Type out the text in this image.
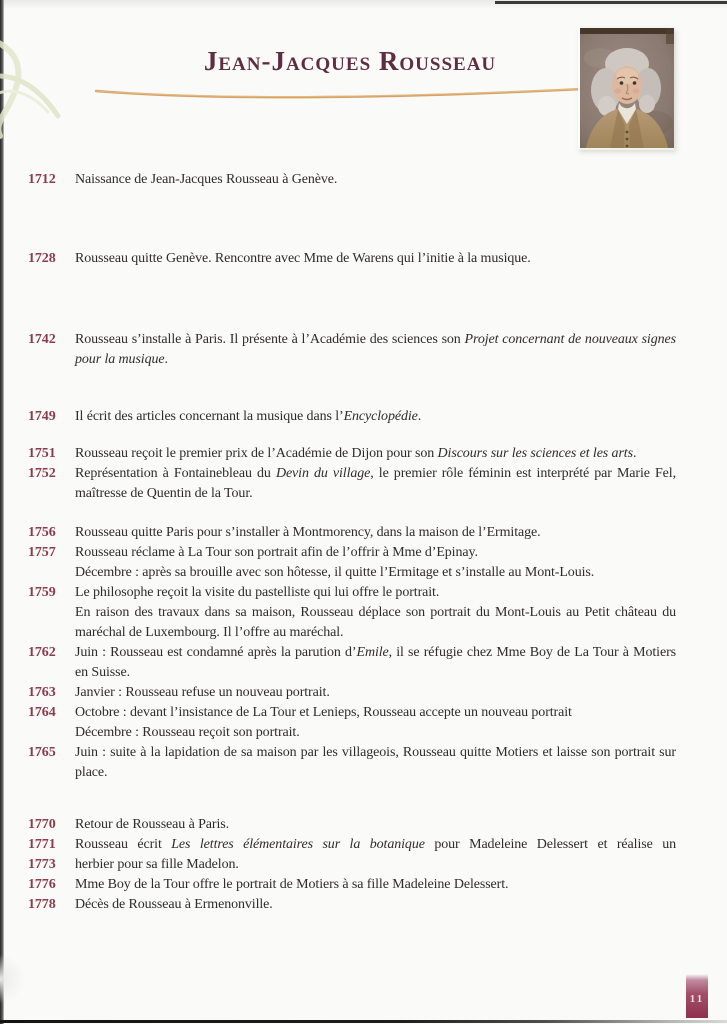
Jean-Jacques Rousseau
1712	Naissance de Jean-Jacques Rousseau à Genève.

1728	Rousseau quitte Genève. Rencontre avec Mme de Warens qui l’initie à la musique.

1742	Rousseau s’installe à Paris. Il présente à l’Académie des sciences son Projet concernant de nouveaux signes pour la musique.

1749	Il écrit des articles concernant la musique dans l’Encyclopédie.

1751	Rousseau reçoit le premier prix de l’Académie de Dijon pour son Discours sur les sciences et les arts.

1752	Représentation à Fontainebleau du Devin du village, le premier rôle féminin est interprété par Marie Fel, maîtresse de Quentin de la Tour.

1756	Rousseau quitte Paris pour s’installer à Montmorency, dans la maison de l’Ermitage.

1757	Rousseau réclame à La Tour son portrait afin de l’offrir à Mme d’Epinay.

Décembre : après sa brouille avec son hôtesse, il quitte l’Ermitage et s’installe au Mont-Louis.

1759	Le philosophe reçoit la visite du pastelliste qui lui offre le portrait.

En raison des travaux dans sa maison, Rousseau déplace son portrait du Mont-Louis au Petit château du maréchal de Luxembourg. Il l’offre au maréchal.

1762	Juin : Rousseau est condamné après la parution d’Emile, il se réfugie chez Mme Boy de La Tour à Motiers en Suisse.

1763	Janvier : Rousseau refuse un nouveau portrait.

1764	Octobre : devant l’insistance de La Tour et Lenieps, Rousseau accepte un nouveau portrait

Décembre : Rousseau reçoit son portrait.

1765	Juin : suite à la lapidation de sa maison par les villageois, Rousseau quitte Motiers et laisse son portrait sur place.

1770	Retour de Rousseau à Paris.

1771	Rousseau écrit Les lettres élémentaires sur la botanique pour Madeleine Delessert et réalise un

1773	herbier pour sa fille Madelon.

1776	Mme Boy de la Tour offre le portrait de Motiers à sa fille Madeleine Delessert.

1778	Décès de Rousseau à Ermenonville.

11
